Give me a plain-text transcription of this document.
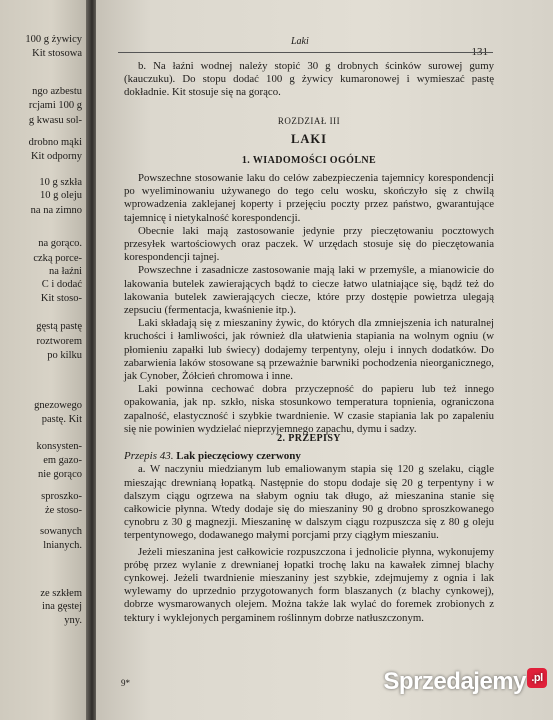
100 g żywicy
Kit stosowa
ngo azbestu
rcjami 100 g
g kwasu sol-
drobno mąki
Kit odporny
10 g szkła
10 g oleju
na na zimno
na gorąco.
czką porce-
na łaźni
C i dodać
Kit stoso-
gęstą pastę
roztworem
po kilku
gnezowego
pastę. Kit
konsysten-
em gazo-
nie gorąco
sproszko-
że stoso-
sowanych
lnianych.
ze szkłem
ina gęstej
yny.
Laki
131

b. Na łaźni wodnej należy stopić 30 g drobnych ścinków surowej gumy (kauczuku). Do stopu dodać 100 g żywicy kumaronowej i wymieszać pastę dokładnie. Kit stosuje się na gorąco.

ROZDZIAŁ III

LAKI

1. WIADOMOŚCI OGÓLNE

Powszechne stosowanie laku do celów zabezpieczenia tajemnicy korespondencji po wyeliminowaniu używanego do tego celu wosku, skończyło się z chwilą wprowadzenia zaklejanej koperty i przejęciu poczty przez państwo, gwarantujące tajemnicę i nietykalność korespondencji.

Obecnie laki mają zastosowanie jedynie przy pieczętowaniu pocztowych przesyłek wartościowych oraz paczek. W urzędach stosuje się do pieczętowania korespondencji tajnej.

Powszechne i zasadnicze zastosowanie mają laki w przemyśle, a mianowicie do lakowania butelek zawierających bądź to ciecze łatwo ulatniające się, bądź też do lakowania butelek zawierających ciecze, które przy dostępie powietrza ulegają zepsuciu (fermentacja, kwaśnienie itp.).

Laki składają się z mieszaniny żywic, do których dla zmniejszenia ich naturalnej kruchości i łamliwości, jak również dla ułatwienia stapiania na wolnym ogniu (w płomieniu zapałki lub świecy) dodajemy terpentyny, oleju i innych dodatków. Do zabarwienia laków stosowane są przeważnie barwniki pochodzenia nieorganicznego, jak Cynober, Żółcień chromowa i inne.

Laki powinna cechować dobra przyczepność do papieru lub też innego opakowania, jak np. szkło, niska stosunkowo temperatura topnienia, ograniczona zapalność, elastyczność i szybkie twardnienie. W czasie stapiania lak po zapaleniu się nie powinien wydzielać nieprzyjemnego zapachu, dymu i sadzy.

2. PRZEPISY

Przepis 43. Lak pieczęciowy czerwony

a. W naczyniu miedzianym lub emaliowanym stapia się 120 g szelaku, ciągle mieszając drewnianą łopatką. Następnie do stopu dodaje się 20 g terpentyny i w dalszym ciągu ogrzewa na słabym ogniu tak długo, aż mieszanina stanie się całkowicie płynna. Wtedy dodaje się do mieszaniny 90 g drobno sproszkowanego cynobru z 30 g magnezji. Mieszaninę w dalszym ciągu rozpuszcza się z 80 g oleju terpentynowego, dodawanego małymi porcjami przy ciągłym mieszaniu.

Jeżeli mieszanina jest całkowicie rozpuszczona i jednolicie płynna, wykonujemy próbę przez wylanie z drewnianej łopatki trochę laku na kawałek zimnej blachy cynkowej. Jeżeli twardnienie mieszaniny jest szybkie, zdejmujemy z ognia i lak wylewamy do uprzednio przygotowanych form blaszanych (z blachy cynkowej), dobrze wysmarowanych olejem. Można także lak wylać do foremek zrobionych z tektury i wyklejonych pergaminem roślinnym dobrze natłuszczonym.

9*	Sprzedajemy .pl
